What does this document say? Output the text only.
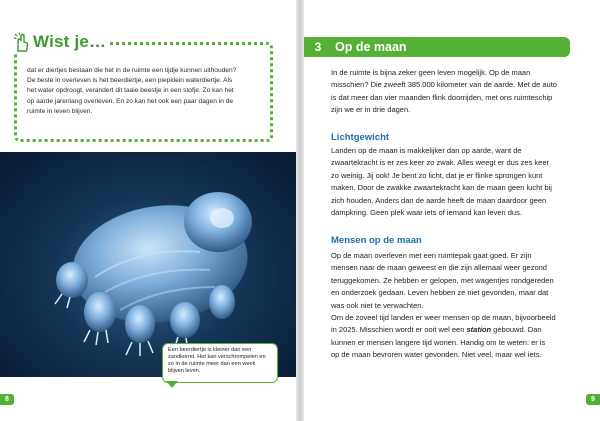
Wist je…

dat er diertjes bestaan die het in de ruimte een tijdje kunnen uithouden?

De beste in overleven is het beerdiertje, een piepklein waterdiertje. Als

het water opdroogt, verandert dit taaie beestje in een stofje. Zo kan het

op aarde jarenlang overleven. En zo kan het ook een paar dagen in de

ruimte in leven blijven.

Een beerdiertje is kleiner dan een zandkorrel. Het kan verschrompelen en zo in de ruimte meer dan een week blijven leven.
8
3	Op de maan

In de ruimte is bijna zeker geen leven mogelijk. Op de maan

misschien? Die zweeft 385.000 kilometer van de aarde. Met de auto

is dat meer dan vier maanden flink doorrijden, met ons ruimteschip

zijn we er in drie dagen.

Lichtgewicht

Landen op de maan is makkelijker dan op aarde, want de

zwaartekracht is er zes keer zo zwak. Alles weegt er dus zes keer

zo weinig. Jij ook! Je bent zo licht, dat je er flinke sprongen kunt

maken. Door de zwakke zwaartekracht kan de maan geen lucht bij

zich houden. Anders dan de aarde heeft de maan daardoor geen

dampkring. Geen plek waar iets of iemand kan leven dus.

Mensen op de maan

Op de maan overleven met een ruimtepak gaat goed. Er zijn

mensen naar de maan geweest en die zijn allemaal weer gezond

teruggekomen. Ze hebben er gelopen, met wagentjes rondgereden

en onderzoek gedaan. Leven hebben ze niet gevonden, maar dat

was ook niet te verwachten.

Om de zoveel tijd landen er weer mensen op de maan, bijvoorbeeld

in 2025. Misschien wordt er ooit wel een station gebouwd. Dan

kunnen er mensen langere tijd wonen. Handig om te weten: er is

op de maan bevroren water gevonden. Niet veel, maar wel iets.

9
